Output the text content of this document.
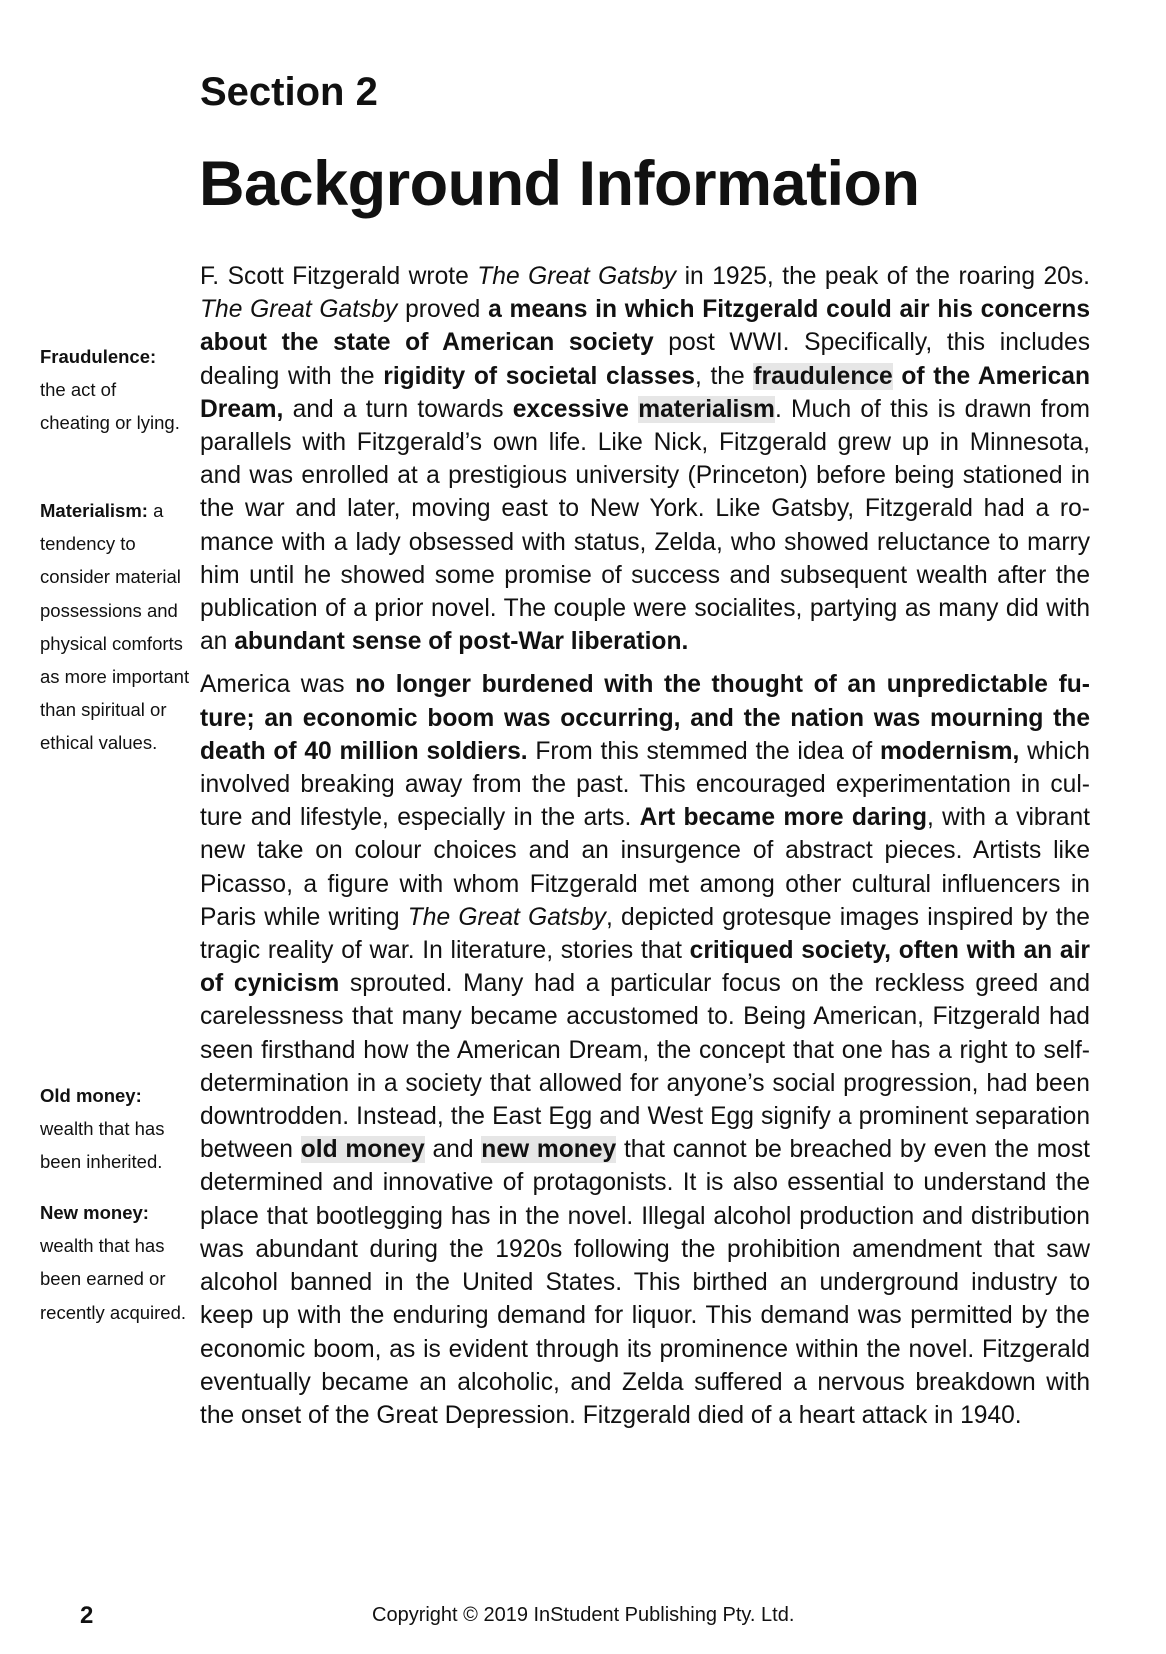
Section 2
Background Information
Fraudulence:
the act of cheating or lying.
Materialism: a tendency to consider material possessions and physical comforts as more important than spiritual or ethical values.
Old money:
wealth that has been inherited.
New money:
wealth that has been earned or recently acquired.

F. Scott Fitzgerald wrote The Great Gatsby in 1925, the peak of the roaring 20s. The Great Gatsby proved a means in which Fitzgerald could air his concerns about the state of American society post WWI. Specifically, this includes dealing with the rigidity of societal classes, the fraudulence of the American Dream, and a turn towards excessive materialism. Much of this is drawn from parallels with Fitzgerald’s own life. Like Nick, Fitzgerald grew up in Minnesota, and was enrolled at a prestigious university (Princeton) before being stationed in the war and later, moving east to New York. Like Gatsby, Fitzgerald had a romance with a lady obsessed with status, Zelda, who showed reluctance to marry him until he showed some promise of success and subsequent wealth after the publication of a prior novel. The couple were socialites, partying as many did with an abundant sense of post-War liberation.

America was no longer burdened with the thought of an unpredictable future; an economic boom was occurring, and the nation was mourning the death of 40 million soldiers. From this stemmed the idea of modernism, which involved breaking away from the past. This encouraged experimentation in culture and lifestyle, especially in the arts. Art became more daring, with a vibrant new take on colour choices and an insurgence of abstract pieces. Artists like Picasso, a figure with whom Fitzgerald met among other cultural influencers in Paris while writing The Great Gatsby, depicted grotesque images inspired by the tragic reality of war. In literature, stories that critiqued society, often with an air of cynicism sprouted. Many had a particular focus on the reckless greed and carelessness that many became accustomed to. Being American, Fitzgerald had seen firsthand how the American Dream, the concept that one has a right to self-determination in a society that allowed for anyone’s social progression, had been downtrodden. Instead, the East Egg and West Egg signify a prominent separation between old money and new money that cannot be breached by even the most determined and innovative of protagonists. It is also essential to understand the place that bootlegging has in the novel. Illegal alcohol production and distribution was abundant during the 1920s following the prohibition amendment that saw alcohol banned in the United States. This birthed an underground industry to keep up with the enduring demand for liquor. This demand was permitted by the economic boom, as is evident through its prominence within the novel. Fitzgerald eventually became an alcoholic, and Zelda suffered a nervous breakdown with the onset of the Great Depression. Fitzgerald died of a heart attack in 1940.

2	Copyright © 2019 InStudent Publishing Pty. Ltd.
